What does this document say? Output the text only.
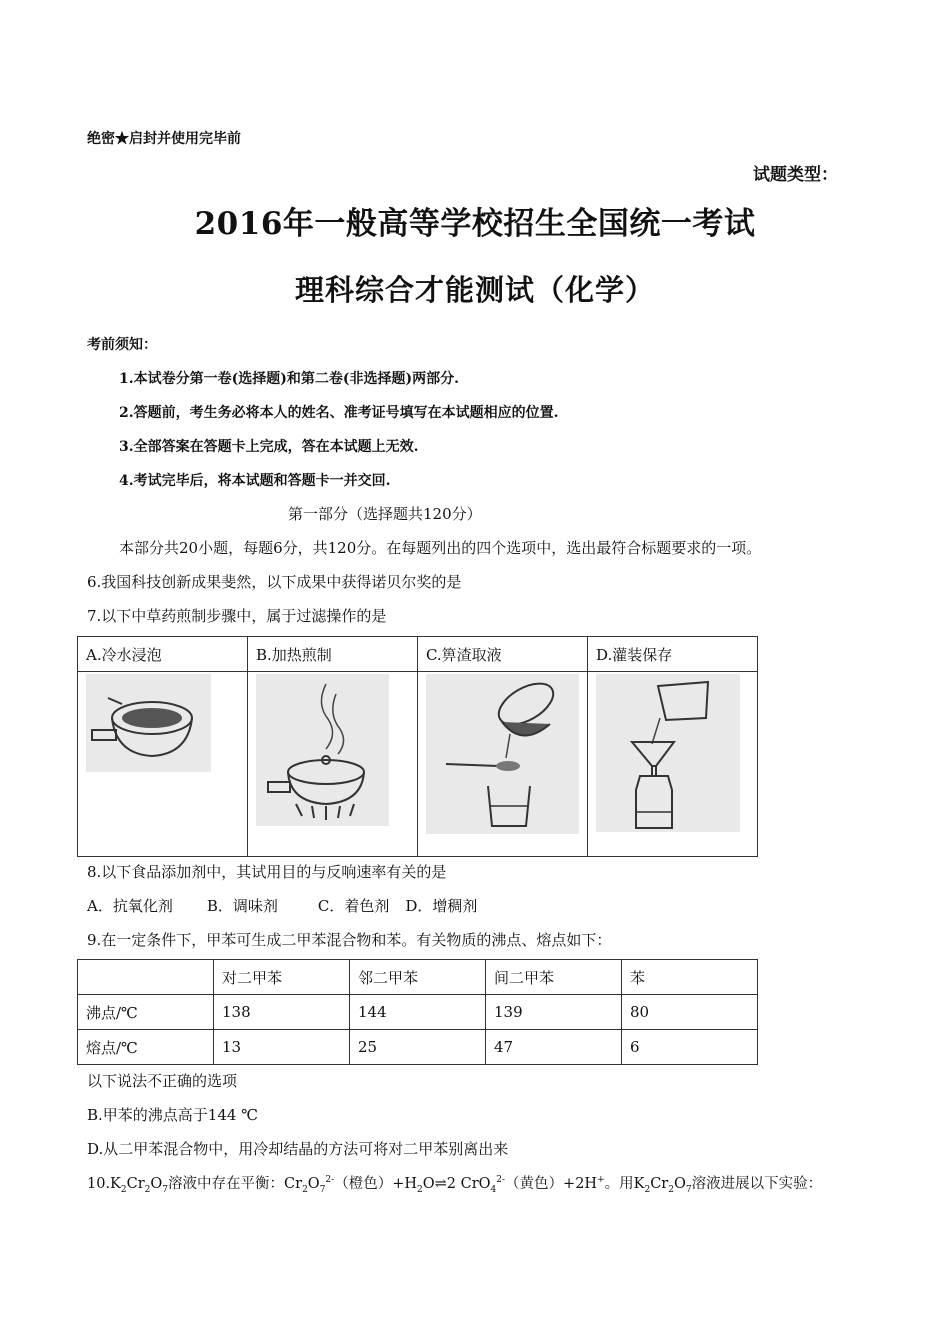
绝密★启封并使用完毕前
试题类型：
2016年一般高等学校招生全国统一考试
理科综合才能测试（化学）
考前须知：
1.本试卷分第一卷(选择题)和第二卷(非选择题)两部分.
2.答题前，考生务必将本人的姓名、准考证号填写在本试题相应的位置.
3.全部答案在答题卡上完成，答在本试题上无效.
4.考试完毕后，将本试题和答题卡一并交回.
第一部分（选择题共120分）
本部分共20小题，每题6分，共120分。在每题列出的四个选项中，选出最符合标题要求的一项。
6.我国科技创新成果斐然，以下成果中获得诺贝尔奖的是
7.以下中草药煎制步骤中，属于过滤操作的是
A.冷水浸泡	B.加热煎制	C.箅渣取液	D.灌装保存

8.以下食品添加剂中，其试用目的与反响速率有关的是
A．抗氧化剂 B．调味剂	C．着色剂 D．增稠剂
9.在一定条件下，甲苯可生成二甲苯混合物和苯。有关物质的沸点、熔点如下：
	对二甲苯	邻二甲苯	间二甲苯	苯
沸点/℃	138	144	139	80
熔点/℃	13	25	47	6
以下说法不正确的选项
B.甲苯的沸点高于144 ℃
D.从二甲苯混合物中，用冷却结晶的方法可将对二甲苯别离出来
$10.K_2Cr_2O_7$溶液中存在平衡：$Cr_2O_7^{2-}$（橙色）$+H_2O\rightleftharpoons 2$ CrO$_4^{2-}$（黄色）+2H+。用$K_2Cr_2O_7$溶液进展以下实验：
